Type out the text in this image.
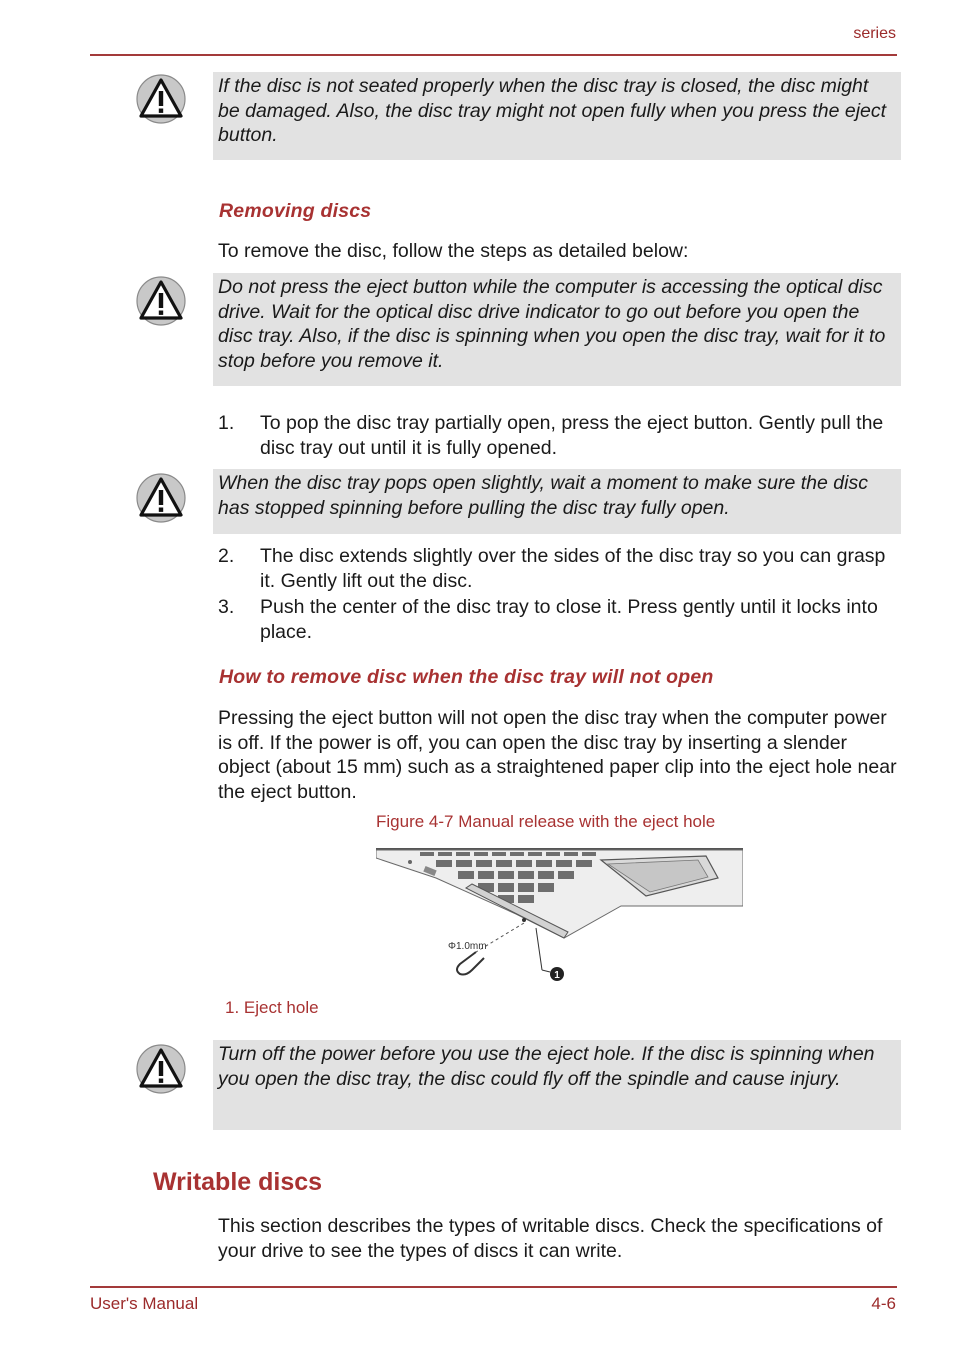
series
If the disc is not seated properly when the disc tray is closed, the disc might be damaged. Also, the disc tray might not open fully when you press the eject button.
Removing discs
To remove the disc, follow the steps as detailed below:
Do not press the eject button while the computer is accessing the optical disc drive. Wait for the optical disc drive indicator to go out before you open the disc tray. Also, if the disc is spinning when you open the disc tray, wait for it to stop before you remove it.
1. To pop the disc tray partially open, press the eject button. Gently pull the disc tray out until it is fully opened.
When the disc tray pops open slightly, wait a moment to make sure the disc has stopped spinning before pulling the disc tray fully open.
2. The disc extends slightly over the sides of the disc tray so you can grasp it. Gently lift out the disc.
3. Push the center of the disc tray to close it. Press gently until it locks into place.
How to remove disc when the disc tray will not open
Pressing the eject button will not open the disc tray when the computer power is off. If the power is off, you can open the disc tray by inserting a slender object (about 15 mm) such as a straightened paper clip into the eject hole near the eject button.
Figure 4-7 Manual release with the eject hole
1
Φ1.0mm
1. Eject hole
Turn off the power before you use the eject hole. If the disc is spinning when you open the disc tray, the disc could fly off the spindle and cause injury.
Writable discs
This section describes the types of writable discs. Check the specifications of your drive to see the types of discs it can write.
User's Manual	4-6
